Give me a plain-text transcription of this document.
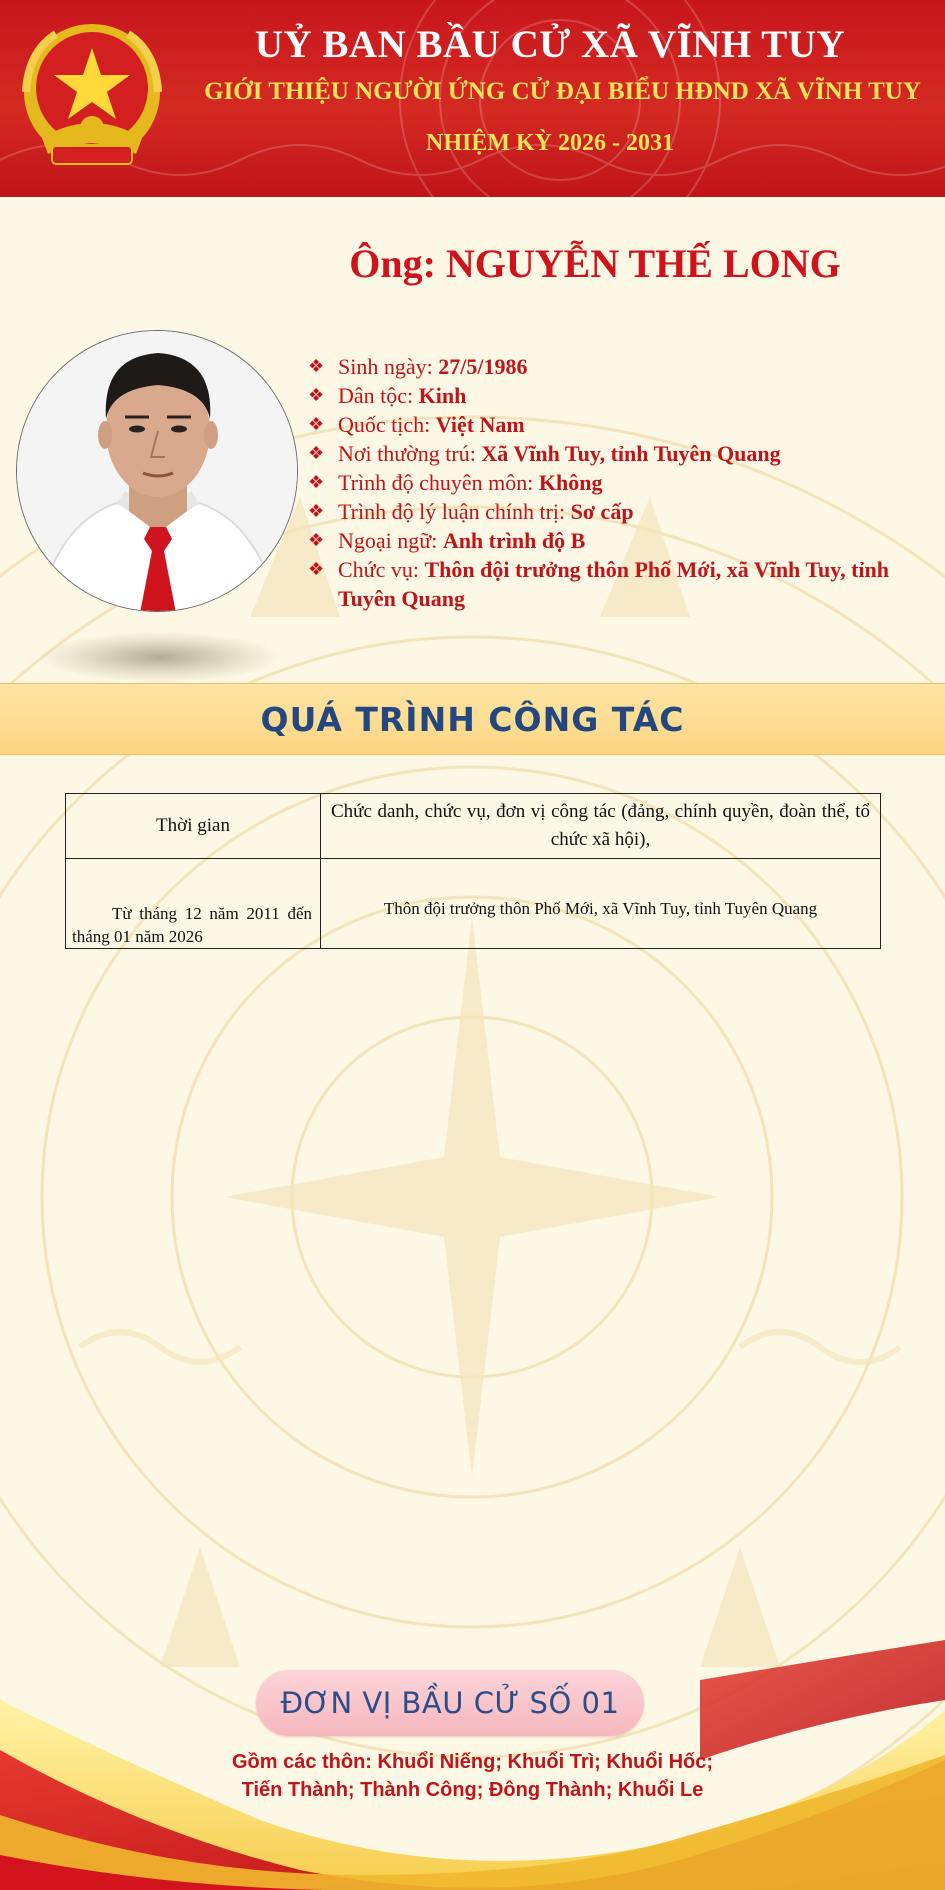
UỶ BAN BẦU CỬ XÃ VĨNH TUY
GIỚI THIỆU NGƯỜI ỨNG CỬ ĐẠI BIỂU HĐND XÃ VĨNH TUY
NHIỆM KỲ 2026 - 2031
Ông: NGUYỄN THẾ LONG
❖ Sinh ngày: 27/5/1986
❖ Dân tộc: Kinh
❖ Quốc tịch: Việt Nam
❖ Nơi thường trú: Xã Vĩnh Tuy, tỉnh Tuyên Quang
❖ Trình độ chuyên môn: Không
❖ Trình độ lý luận chính trị: Sơ cấp
❖ Ngoại ngữ: Anh trình độ B
❖ Chức vụ: Thôn đội trưởng thôn Phố Mới, xã Vĩnh Tuy, tỉnh Tuyên Quang
QUÁ TRÌNH CÔNG TÁC
Thời gian	Chức danh, chức vụ, đơn vị công tác (đảng, chính quyền, đoàn thể, tổ chức xã hội),
Từ tháng 12 năm 2011 đến tháng 01 năm 2026	Thôn đội trưởng thôn Phố Mới, xã Vĩnh Tuy, tỉnh Tuyên Quang
ĐƠN VỊ BẦU CỬ SỐ 01
Gồm các thôn: Khuổi Niếng; Khuổi Trì; Khuổi Hốc;
Tiến Thành; Thành Công; Đông Thành; Khuổi Le
